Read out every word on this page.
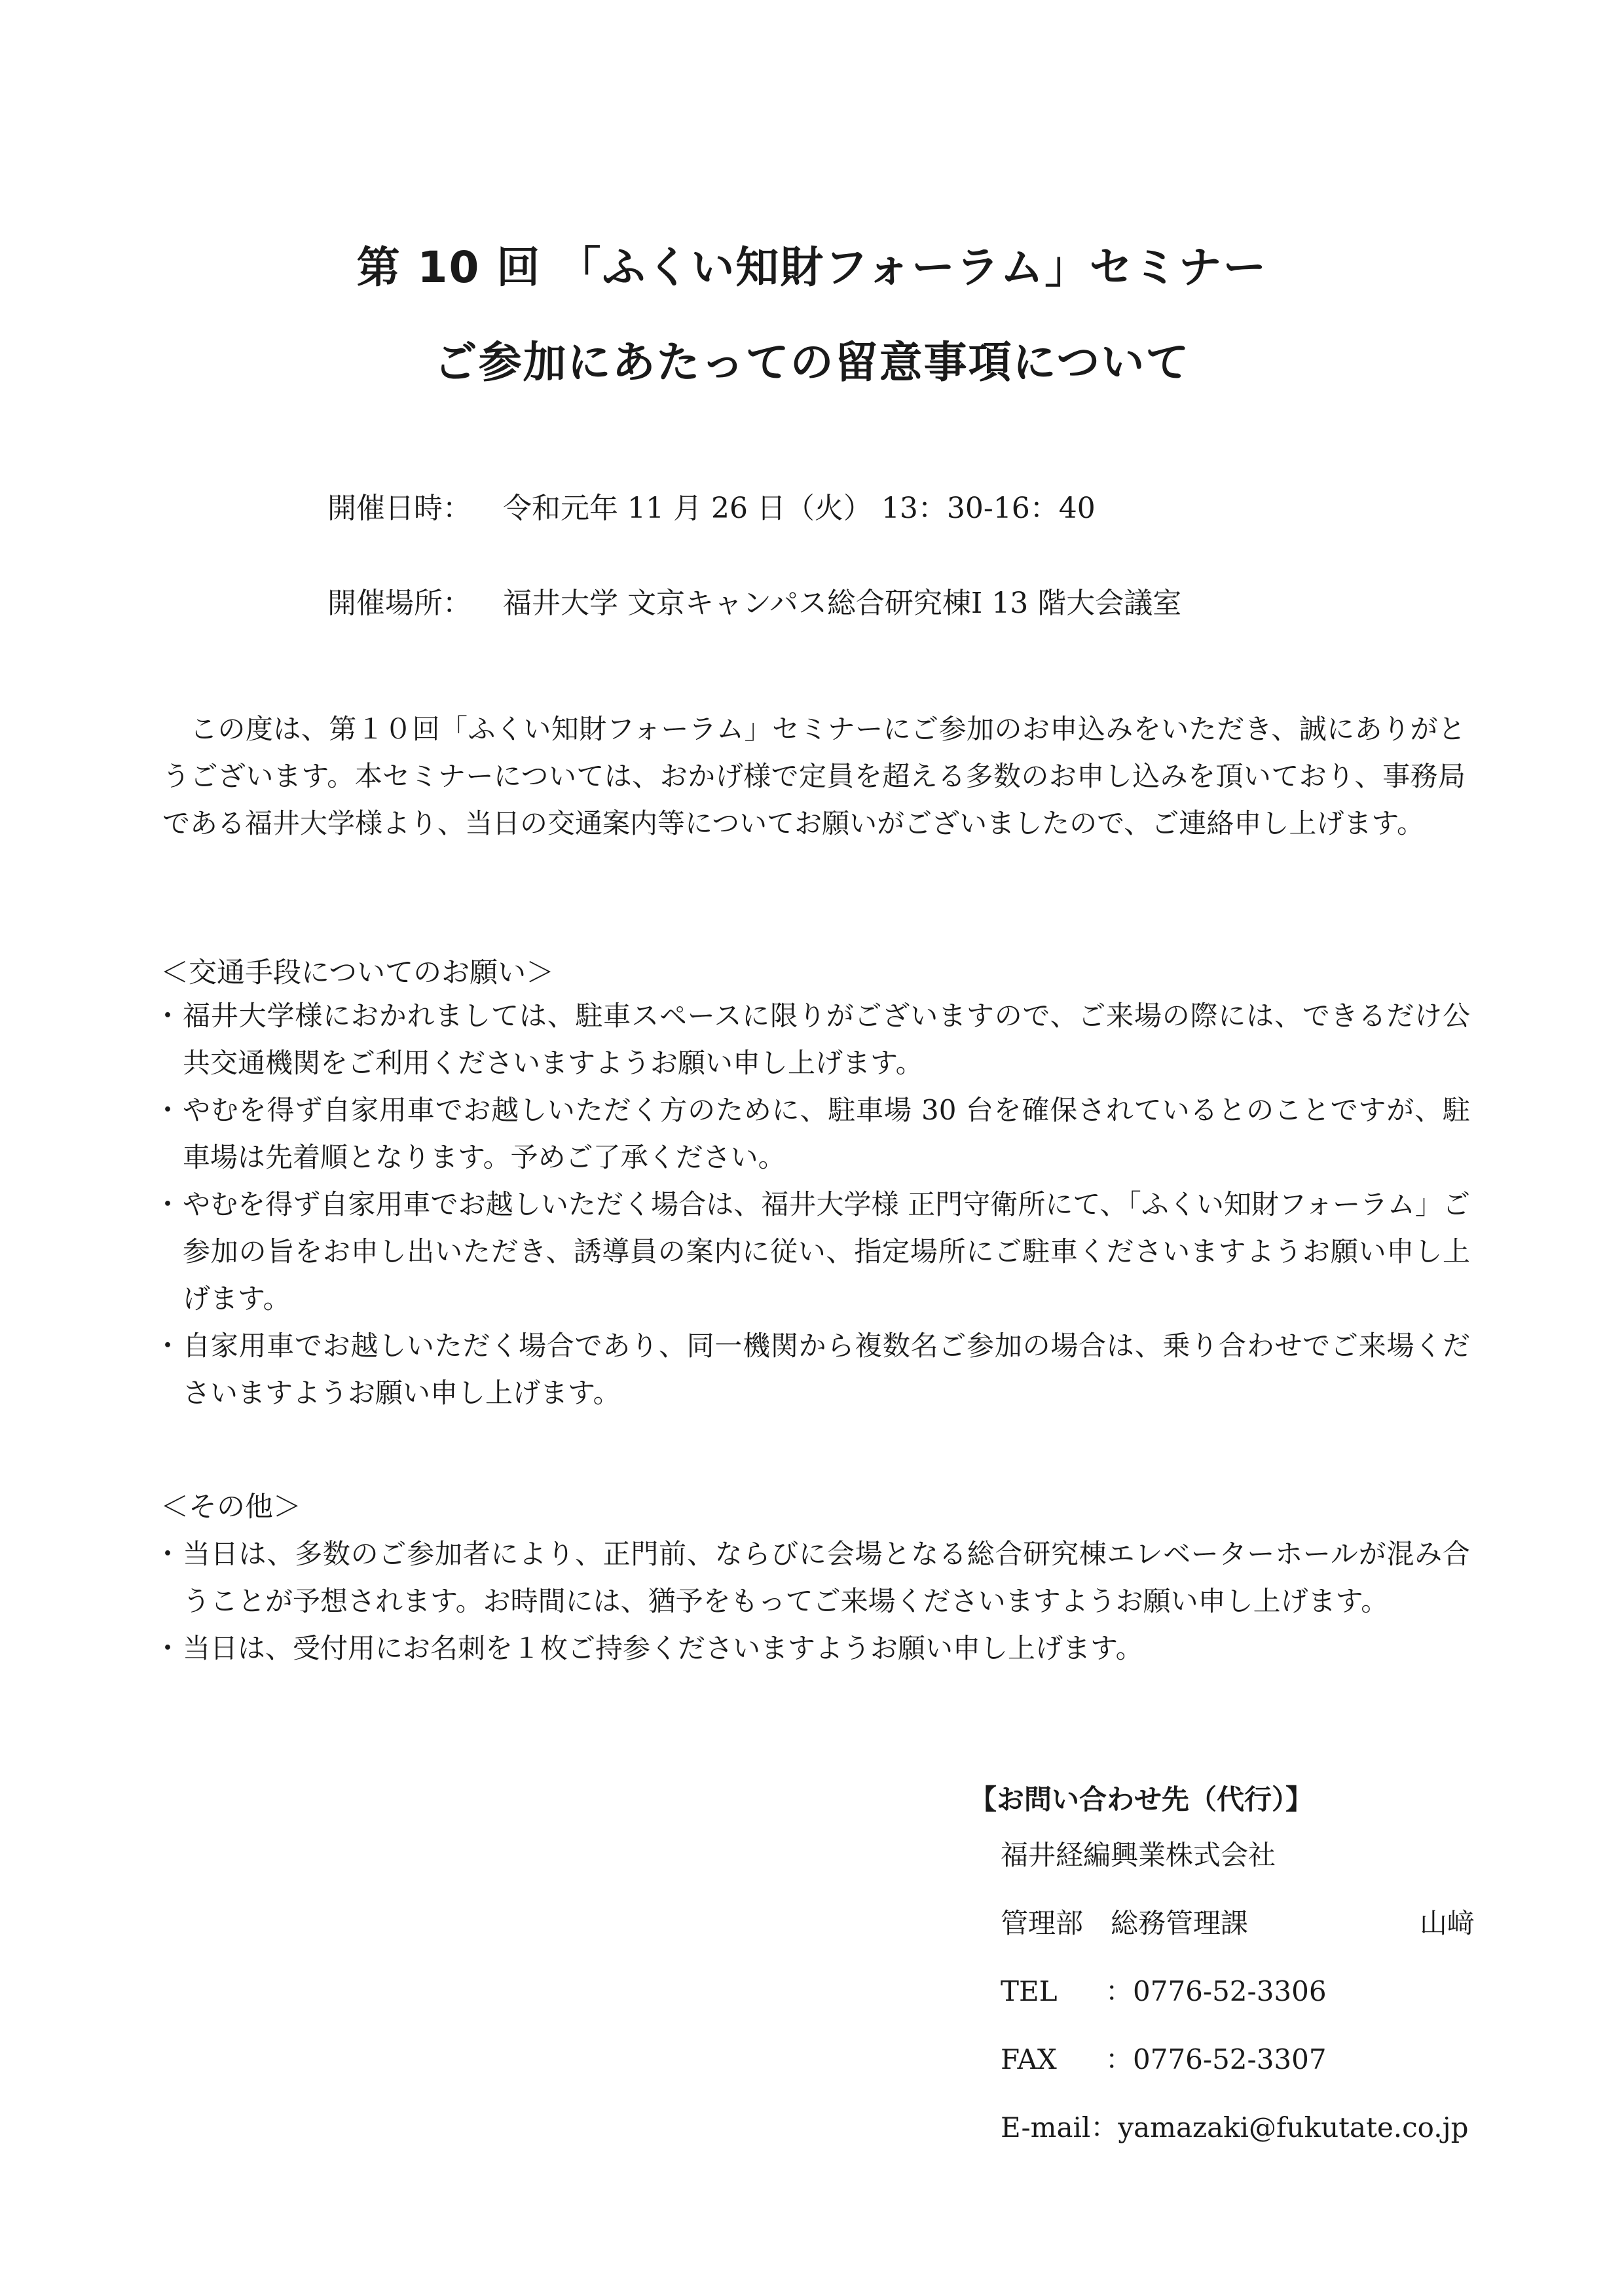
第 10 回 「ふくい知財フォーラム」セミナー
ご参加にあたっての留意事項について
開催日時： 令和元年 11 月 26 日（火） 13：30-16：40
開催場所： 福井大学 文京キャンパス総合研究棟Ⅰ 13 階大会議室

この度は、第１０回「ふくい知財フォーラム」セミナーにご参加のお申込みをいただき、誠にありがとうございます。本セミナーについては、おかげ様で定員を超える多数のお申し込みを頂いており、事務局である福井大学様より、当日の交通案内等についてお願いがございましたので、ご連絡申し上げます。

＜交通手段についてのお願い＞
・ 福井大学様におかれましては、駐車スペースに限りがございますので、ご来場の際には、できるだけ公共交通機関をご利用くださいますようお願い申し上げます。
・ やむを得ず自家用車でお越しいただく方のために、駐車場 30 台を確保されているとのことですが、駐車場は先着順となります。予めご了承ください。
・ やむを得ず自家用車でお越しいただく場合は、福井大学様 正門守衛所にて、「ふくい知財フォーラム」ご参加の旨をお申し出いただき、誘導員の案内に従い、指定場所にご駐車くださいますようお願い申し上げます。
・ 自家用車でお越しいただく場合であり、同一機関から複数名ご参加の場合は、乗り合わせでご来場くださいますようお願い申し上げます。
＜その他＞
・ 当日は、多数のご参加者により、正門前、ならびに会場となる総合研究棟エレベーターホールが混み合うことが予想されます。お時間には、猶予をもってご来場くださいますようお願い申し上げます。
・ 当日は、受付用にお名刺を１枚ご持参くださいますようお願い申し上げます。
【お問い合わせ先（代行）】
福井経編興業株式会社
管理部　総務管理課	山﨑
TEL ：0776-52-3306
FAX ：0776-52-3307
E-mail：yamazaki@fukutate.co.jp
